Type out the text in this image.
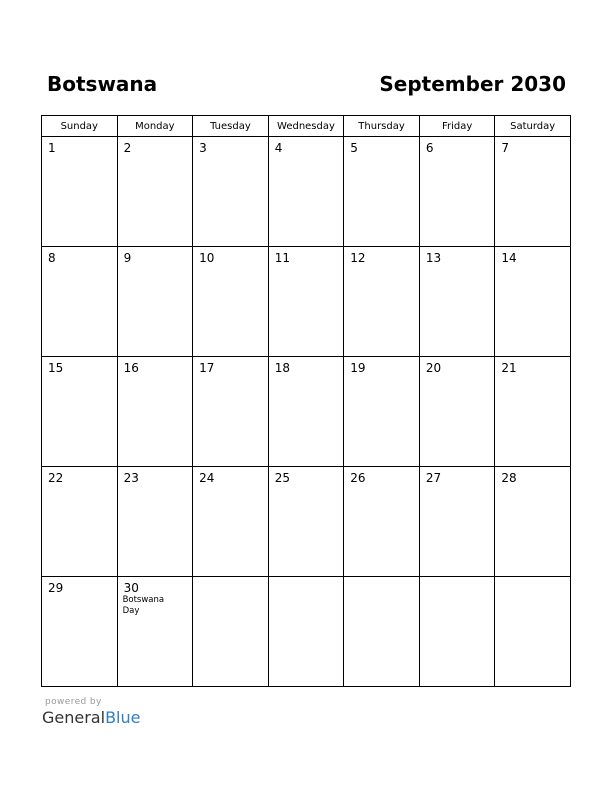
Botswana	September 2030
Sunday	Monday	Tuesday	Wednesday	Thursday	Friday	Saturday

1	2	3	4	5	6	7

8	9	10	11	12	13	14

15	16	17	18	19	20	21

22	23	24	25	26	27	28

29	30
Botswana Day					

powered by
GeneralBlue
